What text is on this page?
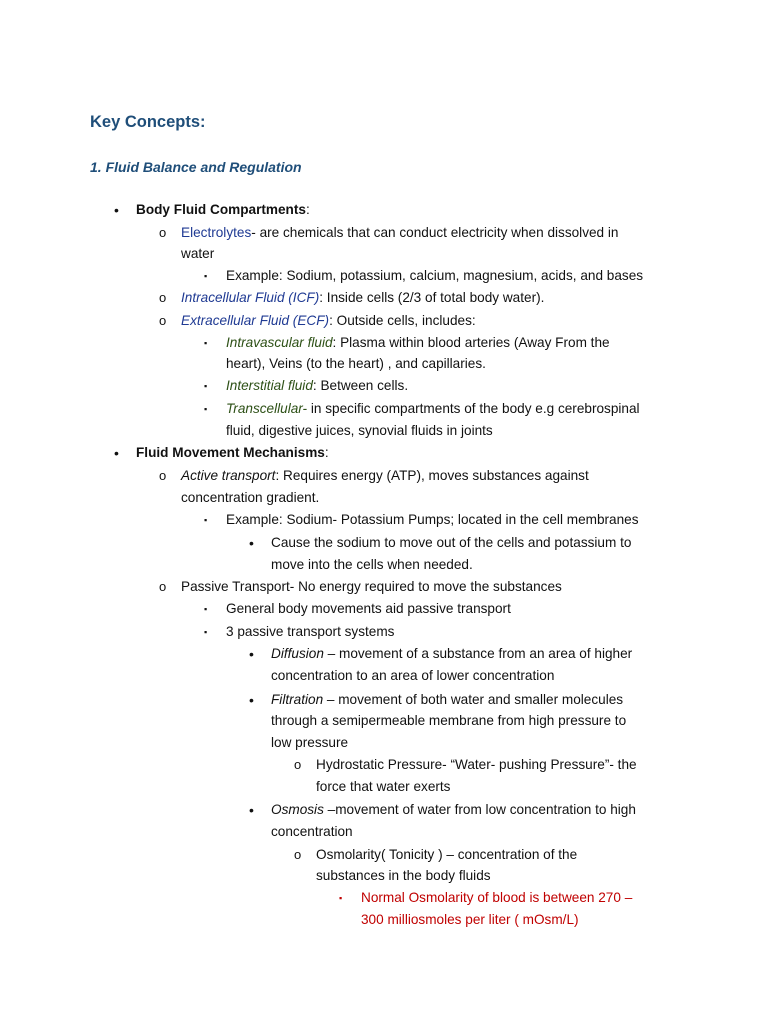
Key Concepts:
1. Fluid Balance and Regulation
• Body Fluid Compartments:
o Electrolytes- are chemicals that can conduct electricity when dissolved in
water
▪ Example: Sodium, potassium, calcium, magnesium, acids, and bases
o Intracellular Fluid (ICF): Inside cells (2/3 of total body water).
o Extracellular Fluid (ECF): Outside cells, includes:
▪ Intravascular fluid: Plasma within blood arteries (Away From the
heart), Veins (to the heart) , and capillaries.
▪ Interstitial fluid: Between cells.
▪ Transcellular- in specific compartments of the body e.g cerebrospinal
fluid, digestive juices, synovial fluids in joints
• Fluid Movement Mechanisms:
o Active transport: Requires energy (ATP), moves substances against
concentration gradient.
▪ Example: Sodium- Potassium Pumps; located in the cell membranes
• Cause the sodium to move out of the cells and potassium to
move into the cells when needed.
o Passive Transport- No energy required to move the substances
▪ General body movements aid passive transport
▪ 3 passive transport systems
• Diffusion – movement of a substance from an area of higher
concentration to an area of lower concentration
• Filtration – movement of both water and smaller molecules
through a semipermeable membrane from high pressure to
low pressure
o Hydrostatic Pressure- “Water- pushing Pressure”- the
force that water exerts
• Osmosis –movement of water from low concentration to high
concentration
o Osmolarity( Tonicity ) – concentration of the
substances in the body fluids
▪ Normal Osmolarity of blood is between 270 –
300 milliosmoles per liter ( mOsm/L)
